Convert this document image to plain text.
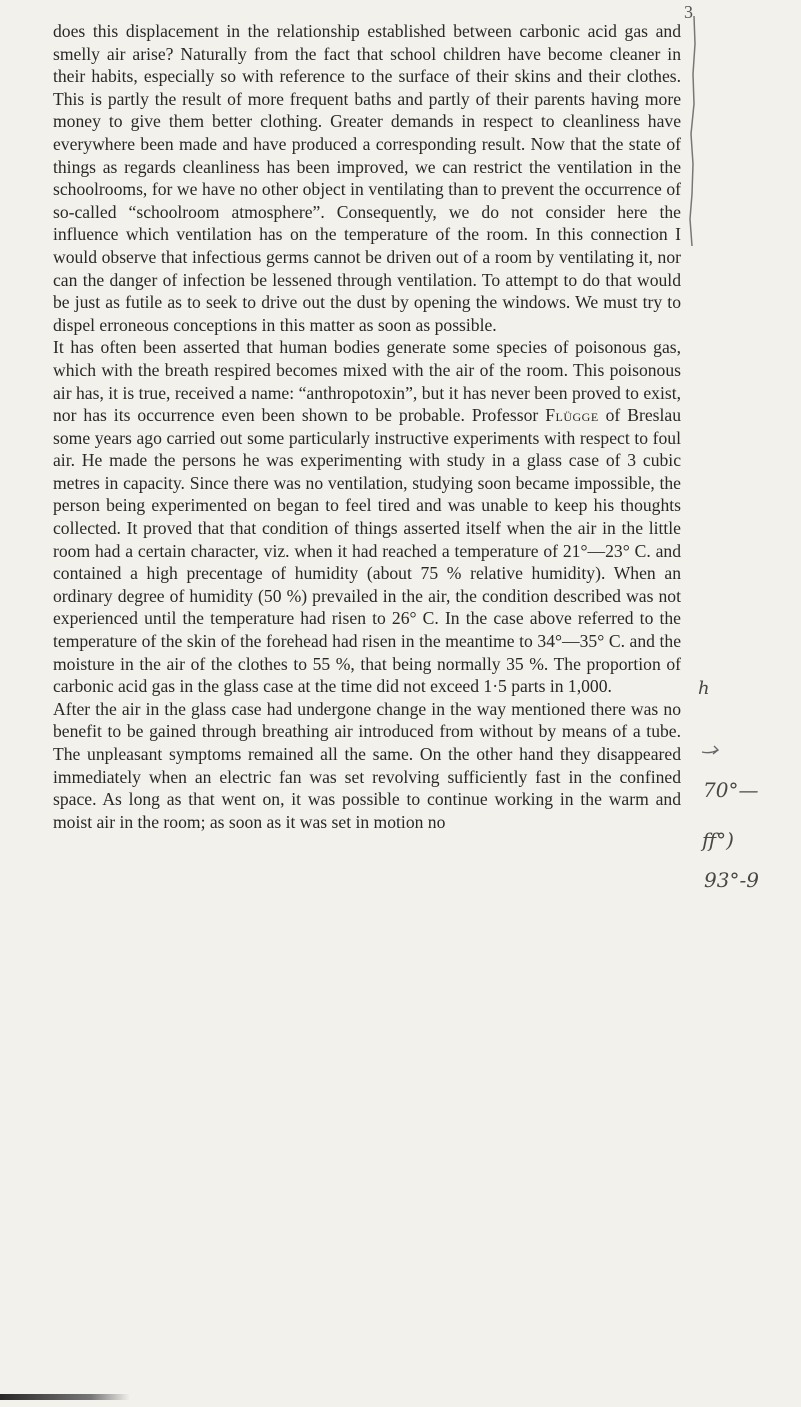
3

does this displacement in the relationship established between carbonic acid gas and smelly air arise? Naturally from the fact that school children have become cleaner in their habits, especially so with reference to the surface of their skins and their clothes. This is partly the result of more frequent baths and partly of their parents having more money to give them better clothing. Greater demands in respect to cleanliness have everywhere been made and have produced a corresponding result. Now that the state of things as regards cleanliness has been improved, we can restrict the ventilation in the schoolrooms, for we have no other object in ventilating than to prevent the occurrence of so-called “schoolroom atmosphere”. Consequently, we do not consider here the influence which ventilation has on the temperature of the room. In this connection I would observe that infectious germs cannot be driven out of a room by ventilating it, nor can the danger of infection be lessened through ventilation. To attempt to do that would be just as futile as to seek to drive out the dust by opening the windows. We must try to dispel erroneous conceptions in this matter as soon as possible.

It has often been asserted that human bodies generate some species of poisonous gas, which with the breath respired becomes mixed with the air of the room. This poisonous air has, it is true, received a name: “anthropotoxin”, but it has never been proved to exist, nor has its occurrence even been shown to be probable. Professor Flügge of Breslau some years ago carried out some particularly instructive experiments with respect to foul air. He made the persons he was experimenting with study in a glass case of 3 cubic metres in capacity. Since there was no ventilation, studying soon became impossible, the person being experimented on began to feel tired and was unable to keep his thoughts collected. It proved that that condition of things asserted itself when the air in the little room had a certain character, viz. when it had reached a temperature of 21°—23° C. and contained a high precentage of humidity (about 75 % relative humidity). When an ordinary degree of humidity (50 %) prevailed in the air, the condition described was not experienced until the temperature had risen to 26° C. In the case above referred to the temperature of the skin of the forehead had risen in the meantime to 34°—35° C. and the moisture in the air of the clothes to 55 %, that being normally 35 %. The proportion of carbonic acid gas in the glass case at the time did not exceed 1·5 parts in 1,000.

After the air in the glass case had undergone change in the way mentioned there was no benefit to be gained through breathing air introduced from without by means of a tube. The unpleasant symptoms remained all the same. On the other hand they disappeared immediately when an electric fan was set revolving sufficiently fast in the confined space. As long as that went on, it was possible to continue working in the warm and moist air in the room; as soon as it was set in motion no

h
70°—
ff°)
93°-9
